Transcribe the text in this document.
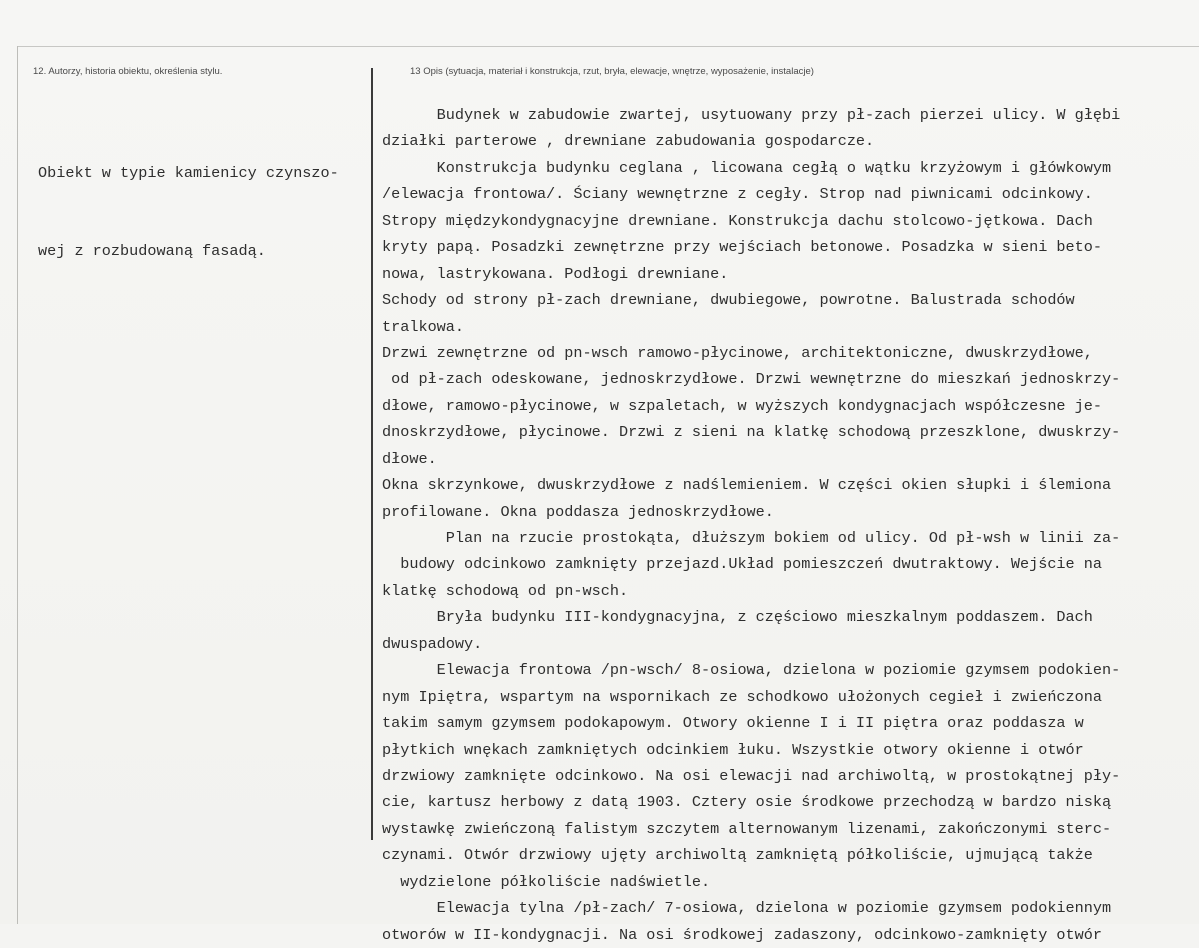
12. Autorzy, historia obiektu, określenia stylu.	13 Opis (sytuacja, materiał i konstrukcja, rzut, bryła, elewacje, wnętrze, wyposażenie, instalacje)

Obiekt w typie kamienicy czynszo-

wej z rozbudowaną fasadą.

Budynek w zabudowie zwartej, usytuowany przy pł-zach pierzei ulicy. W głębi
działki parterowe , drewniane zabudowania gospodarcze.
Konstrukcja budynku ceglana , licowana cegłą o wątku krzyżowym i główkowym
/elewacja frontowa/. Ściany wewnętrzne z cegły. Strop nad piwnicami odcinkowy.
Stropy międzykondygnacyjne drewniane. Konstrukcja dachu stolcowo-jętkowa. Dach
kryty papą. Posadzki zewnętrzne przy wejściach betonowe. Posadzka w sieni beto-
nowa, lastrykowana. Podłogi drewniane.
Schody od strony pł-zach drewniane, dwubiegowe, powrotne. Balustrada schodów
tralkowa.
Drzwi zewnętrzne od pn-wsch ramowo-płycinowe, architektoniczne, dwuskrzydłowe,
od pł-zach odeskowane, jednoskrzydłowe. Drzwi wewnętrzne do mieszkań jednoskrzy-
dłowe, ramowo-płycinowe, w szpaletach, w wyższych kondygnacjach współczesne je-
dnoskrzydłowe, płycinowe. Drzwi z sieni na klatkę schodową przeszklone, dwuskrzy-
dłowe.
Okna skrzynkowe, dwuskrzydłowe z nadślemieniem. W części okien słupki i ślemiona
profilowane. Okna poddasza jednoskrzydłowe.
Plan na rzucie prostokąta, dłuższym bokiem od ulicy. Od pł-wsh w linii za-
budowy odcinkowo zamknięty przejazd.Układ pomieszczeń dwutraktowy. Wejście na
klatkę schodową od pn-wsch.
Bryła budynku III-kondygnacyjna, z częściowo mieszkalnym poddaszem. Dach
dwuspadowy.
Elewacja frontowa /pn-wsch/ 8-osiowa, dzielona w poziomie gzymsem podokien-
nym Ipiętra, wspartym na wspornikach ze schodkowo ułożonych cegieł i zwieńczona
takim samym gzymsem podokapowym. Otwory okienne I i II piętra oraz poddasza w
płytkich wnękach zamkniętych odcinkiem łuku. Wszystkie otwory okienne i otwór
drzwiowy zamknięte odcinkowo. Na osi elewacji nad archiwoltą, w prostokątnej pły-
cie, kartusz herbowy z datą 1903. Cztery osie środkowe przechodzą w bardzo niską
wystawkę zwieńczoną falistym szczytem alternowanym lizenami, zakończonymi sterc-
czynami. Otwór drzwiowy ujęty archiwoltą zamkniętą półkoliście, ujmującą także
wydzielone półkoliście nadświetle.
Elewacja tylna /pł-zach/ 7-osiowa, dzielona w poziomie gzymsem podokiennym
otworów w II-kondygnacji. Na osi środkowej zadaszony, odcinkowo-zamknięty otwór
